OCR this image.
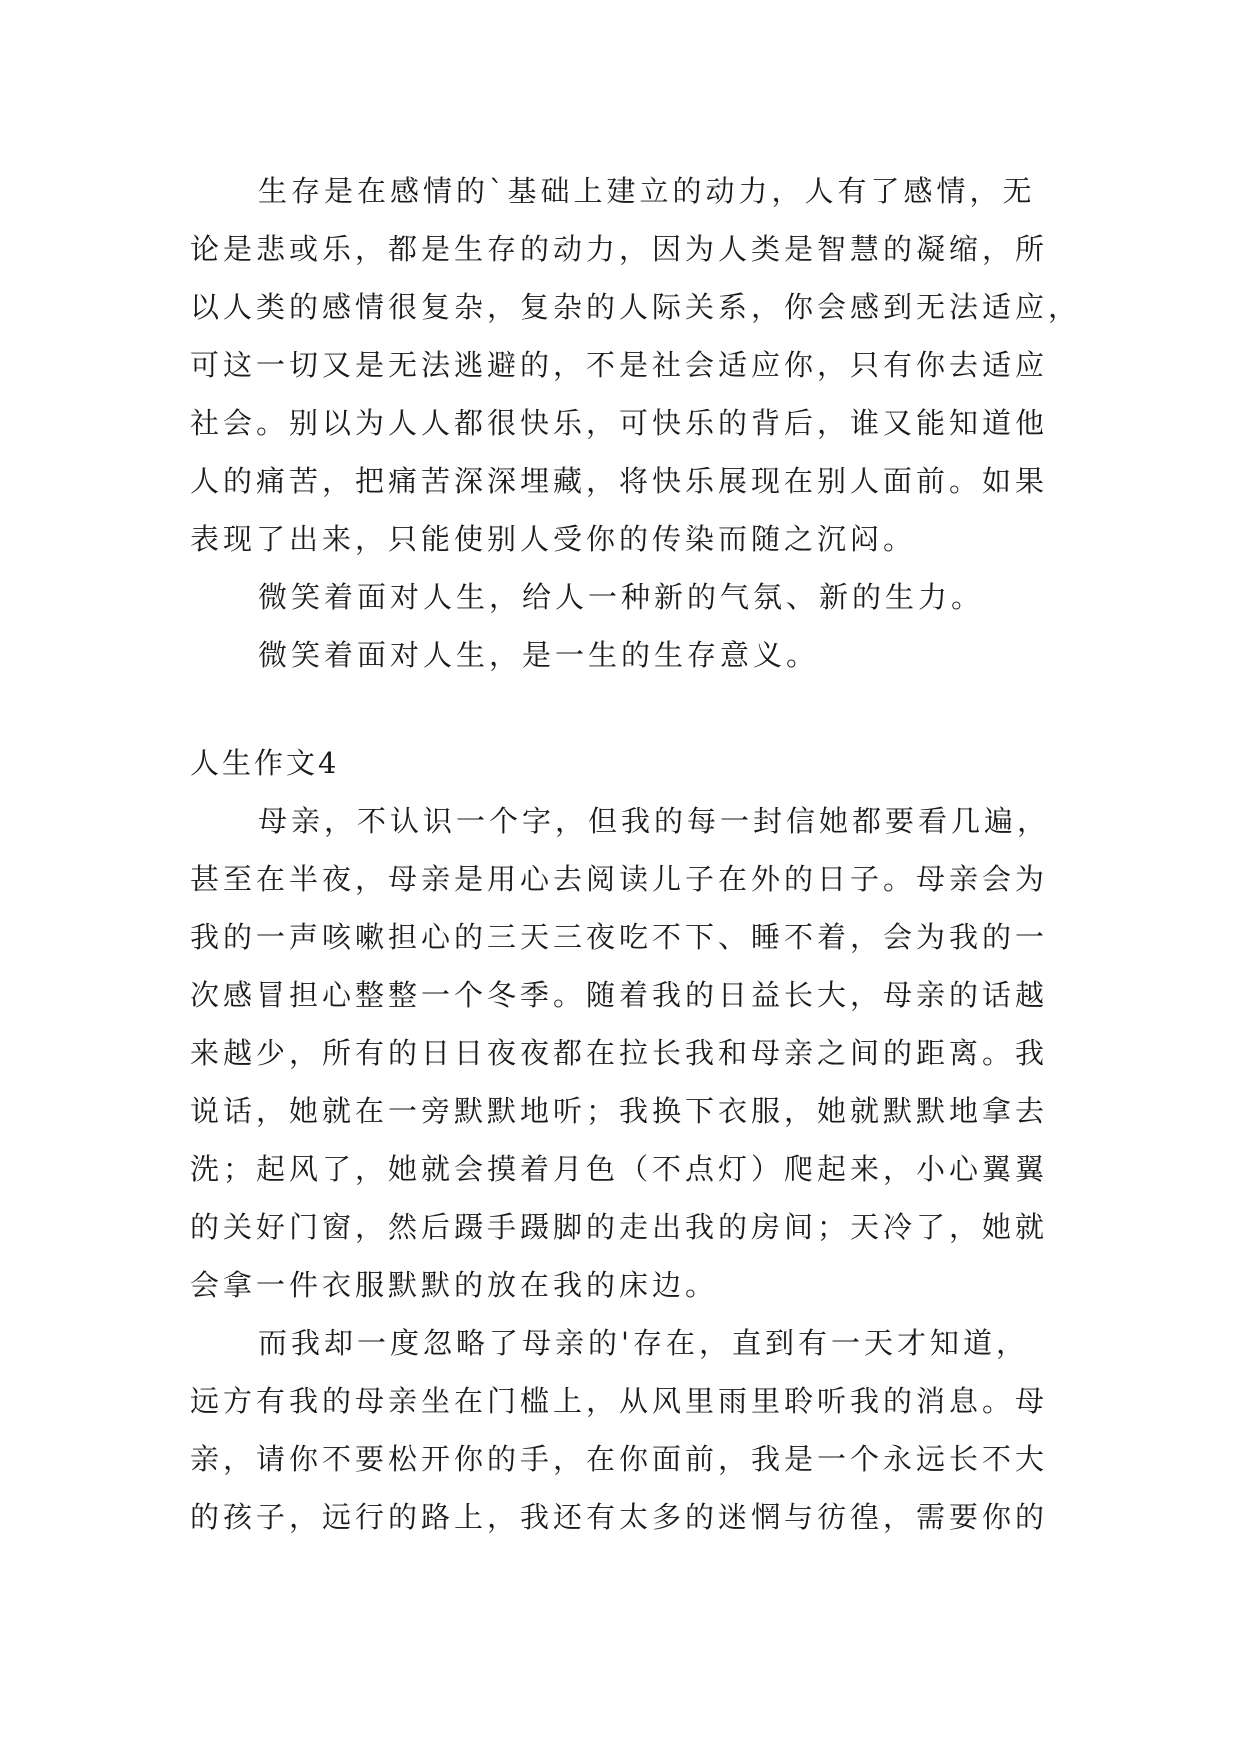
生存是在感情的`基础上建立的动力，人有了感情，无
论是悲或乐，都是生存的动力，因为人类是智慧的凝缩，所
以人类的感情很复杂，复杂的人际关系，你会感到无法适应，
可这一切又是无法逃避的，不是社会适应你，只有你去适应
社会。别以为人人都很快乐，可快乐的背后，谁又能知道他
人的痛苦，把痛苦深深埋藏，将快乐展现在别人面前。如果
表现了出来，只能使别人受你的传染而随之沉闷。
微笑着面对人生，给人一种新的气氛、新的生力。
微笑着面对人生，是一生的生存意义。
人生作文4
母亲，不认识一个字，但我的每一封信她都要看几遍，
甚至在半夜，母亲是用心去阅读儿子在外的日子。母亲会为
我的一声咳嗽担心的三天三夜吃不下、睡不着，会为我的一
次感冒担心整整一个冬季。随着我的日益长大，母亲的话越
来越少，所有的日日夜夜都在拉长我和母亲之间的距离。我
说话，她就在一旁默默地听；我换下衣服，她就默默地拿去
洗；起风了，她就会摸着月色（不点灯）爬起来，小心翼翼
的关好门窗，然后蹑手蹑脚的走出我的房间；天冷了，她就
会拿一件衣服默默的放在我的床边。
而我却一度忽略了母亲的'存在，直到有一天才知道，
远方有我的母亲坐在门槛上，从风里雨里聆听我的消息。母
亲，请你不要松开你的手，在你面前，我是一个永远长不大
的孩子，远行的路上，我还有太多的迷惘与彷徨，需要你的
